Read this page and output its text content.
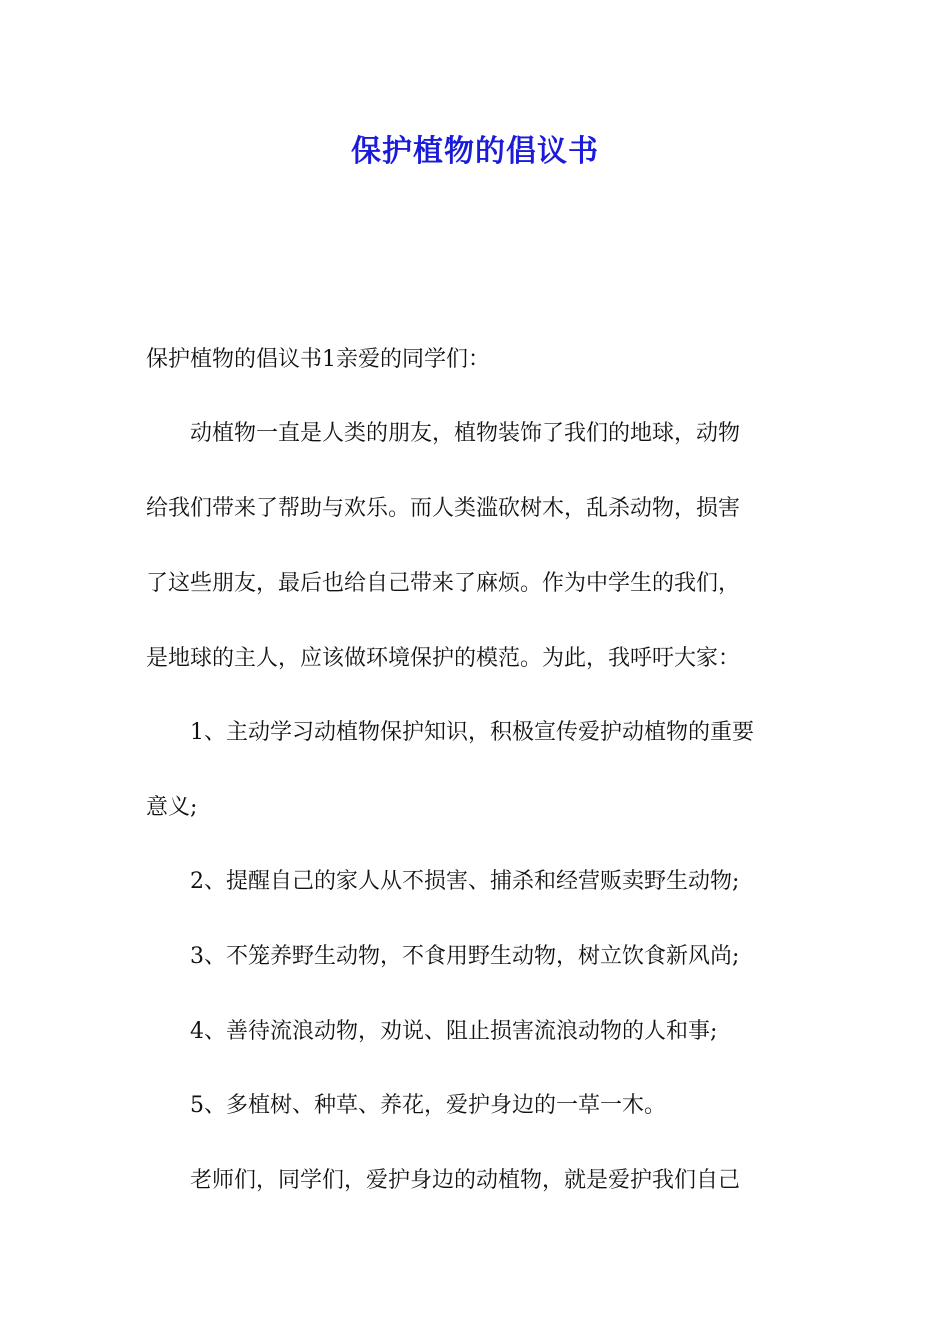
保护植物的倡议书

保护植物的倡议书1亲爱的同学们：

动植物一直是人类的朋友，植物装饰了我们的地球，动物

给我们带来了帮助与欢乐。而人类滥砍树木，乱杀动物，损害

了这些朋友，最后也给自己带来了麻烦。作为中学生的我们，

是地球的主人，应该做环境保护的模范。为此，我呼吁大家：

1、主动学习动植物保护知识，积极宣传爱护动植物的重要

意义;

2、提醒自己的家人从不损害、捕杀和经营贩卖野生动物;

3、不笼养野生动物，不食用野生动物，树立饮食新风尚;

4、善待流浪动物，劝说、阻止损害流浪动物的人和事;

5、多植树、种草、养花，爱护身边的一草一木。

老师们，同学们，爱护身边的动植物，就是爱护我们自己
